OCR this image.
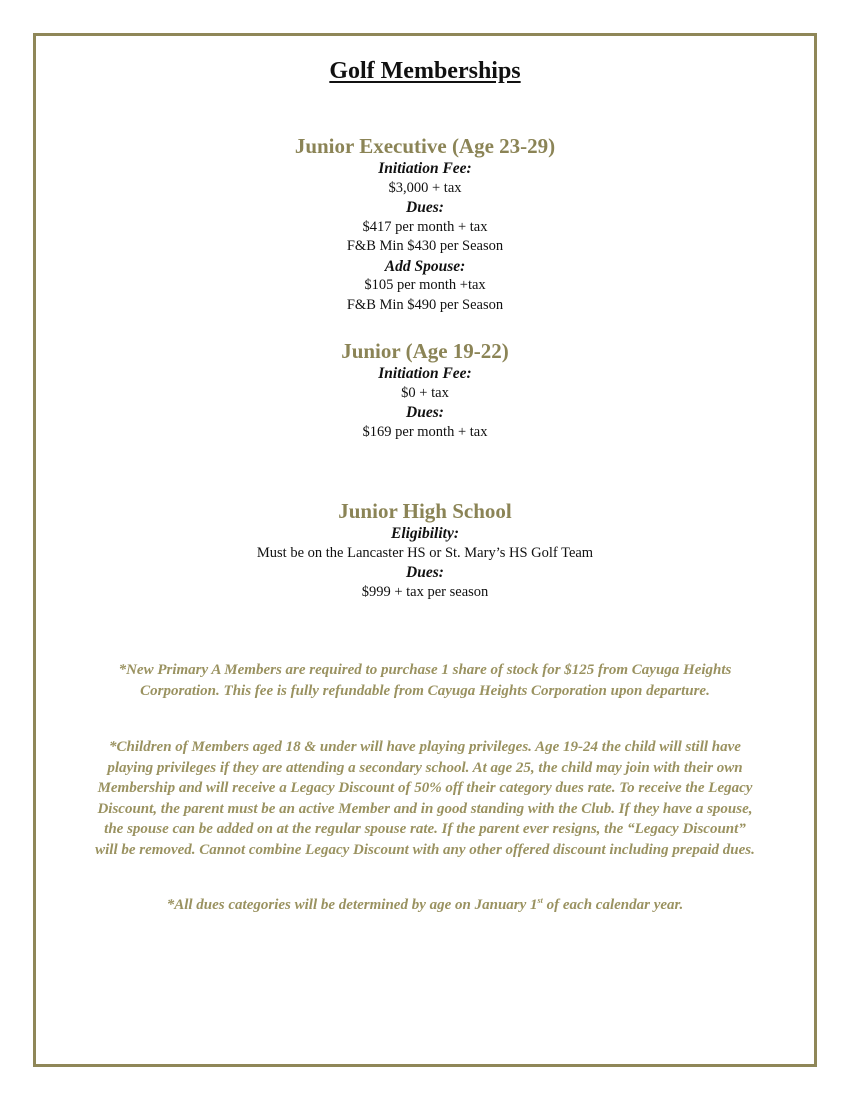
Golf Memberships
Junior Executive (Age 23-29)
Initiation Fee:
$3,000 + tax
Dues:
$417 per month + tax
F&B Min $430 per Season
Add Spouse:
$105 per month +tax
F&B Min $490 per Season
Junior (Age 19-22)
Initiation Fee:
$0 + tax
Dues:
$169 per month + tax
Junior High School
Eligibility:
Must be on the Lancaster HS or St. Mary’s HS Golf Team
Dues:
$999 + tax per season
*New Primary A Members are required to purchase 1 share of stock for $125 from Cayuga Heights Corporation. This fee is fully refundable from Cayuga Heights Corporation upon departure.
*Children of Members aged 18 & under will have playing privileges. Age 19-24 the child will still have playing privileges if they are attending a secondary school. At age 25, the child may join with their own Membership and will receive a Legacy Discount of 50% off their category dues rate. To receive the Legacy Discount, the parent must be an active Member and in good standing with the Club. If they have a spouse, the spouse can be added on at the regular spouse rate. If the parent ever resigns, the “Legacy Discount” will be removed. Cannot combine Legacy Discount with any other offered discount including prepaid dues.
*All dues categories will be determined by age on January 1st of each calendar year.
